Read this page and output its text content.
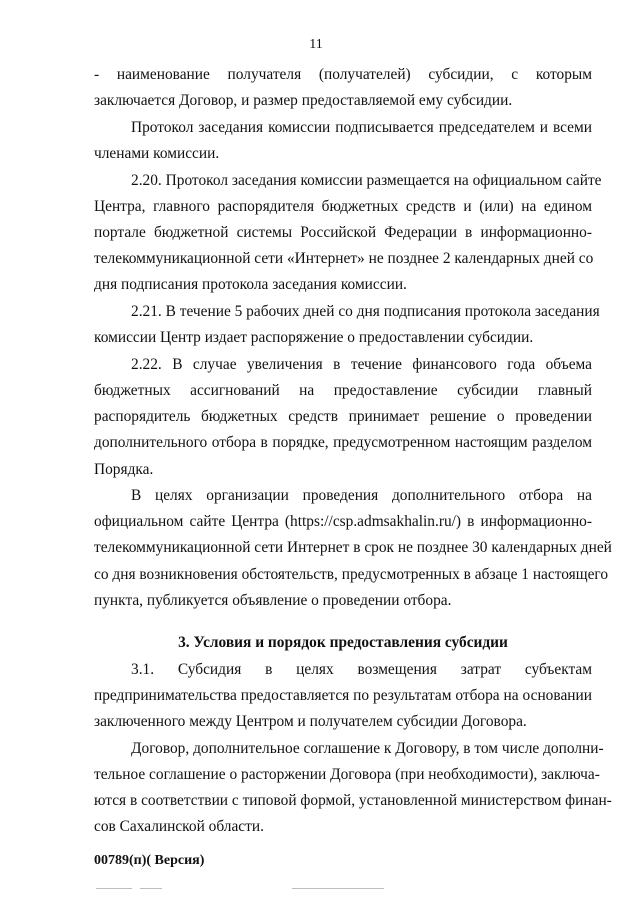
11
- наименование получателя (получателей) субсидии, с которым
заключается Договор, и размер предоставляемой ему субсидии.
Протокол заседания комиссии подписывается председателем и всеми
членами комиссии.
2.20. Протокол заседания комиссии размещается на официальном сайте
Центра, главного распорядителя бюджетных средств и (или) на едином
портале бюджетной системы Российской Федерации в информационно-
телекоммуникационной сети «Интернет» не позднее 2 календарных дней со
дня подписания протокола заседания комиссии.
2.21. В течение 5 рабочих дней со дня подписания протокола заседания
комиссии Центр издает распоряжение о предоставлении субсидии.
2.22. В случае увеличения в течение финансового года объема
бюджетных ассигнований на предоставление субсидии главный
распорядитель бюджетных средств принимает решение о проведении
дополнительного отбора в порядке, предусмотренном настоящим разделом
Порядка.
В целях организации проведения дополнительного отбора на
официальном сайте Центра (https://csp.admsakhalin.ru/) в информационно-
телекоммуникационной сети Интернет в срок не позднее 30 календарных дней
со дня возникновения обстоятельств, предусмотренных в абзаце 1 настоящего
пункта, публикуется объявление о проведении отбора.
3. Условия и порядок предоставления субсидии
3.1. Субсидия в целях возмещения затрат субъектам
предпринимательства предоставляется по результатам отбора на основании
заключенного между Центром и получателем субсидии Договора.
Договор, дополнительное соглашение к Договору, в том числе дополни-
тельное соглашение о расторжении Договора (при необходимости), заключа-
ются в соответствии с типовой формой, установленной министерством финан-
сов Сахалинской области.
00789(п)( Версия)
